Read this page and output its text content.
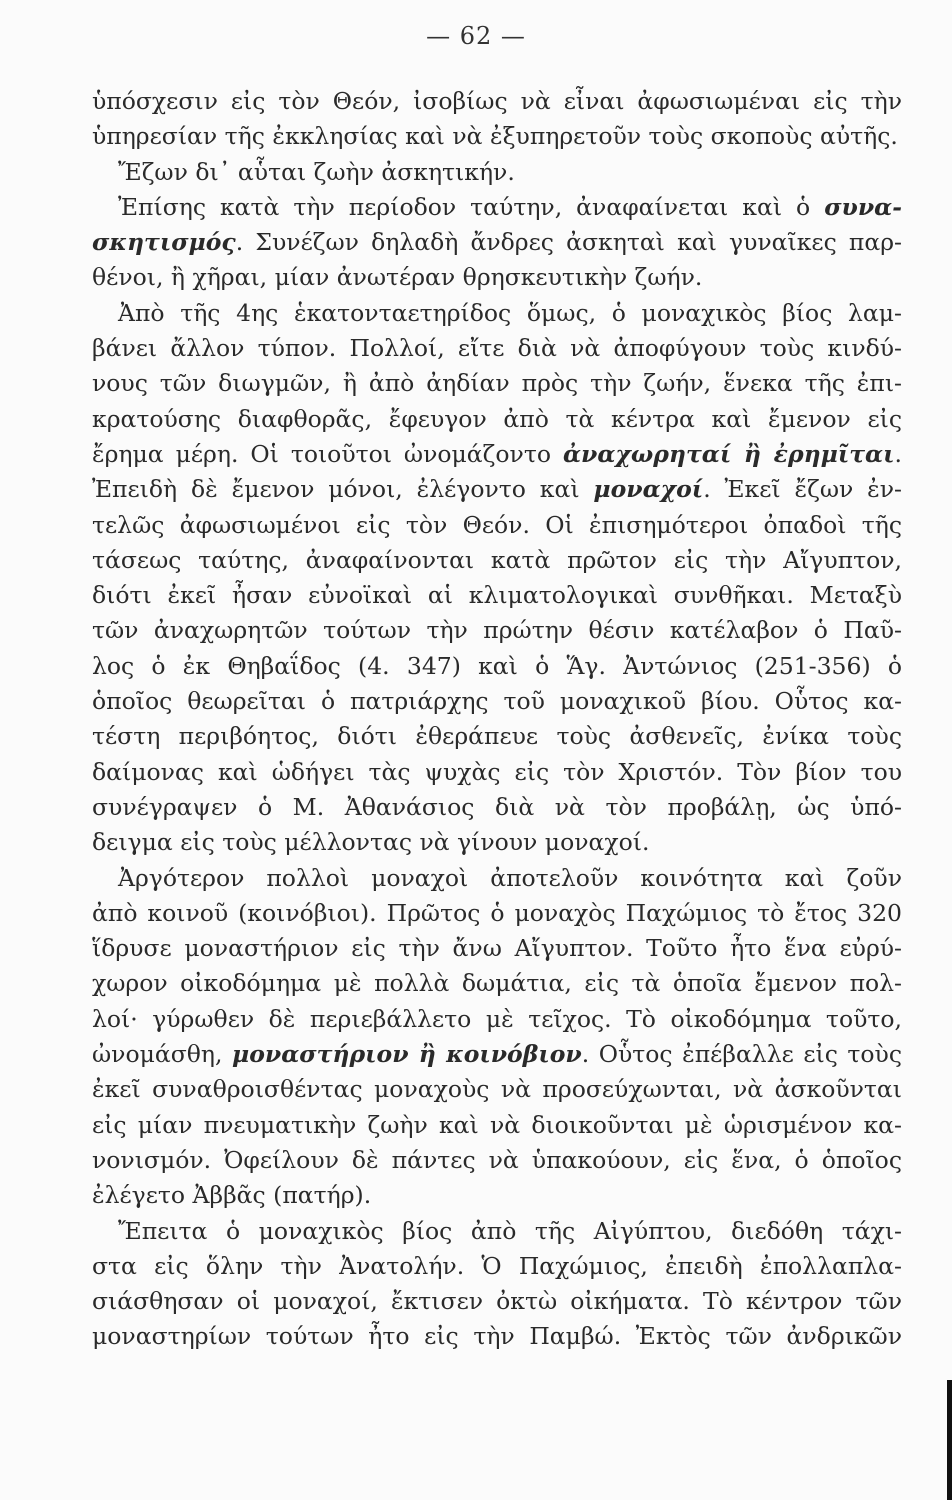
— 62 —
ὑπόσχεσιν εἰς τὸν Θεόν, ἰσοβίως νὰ εἶναι ἀφωσιωμέναι εἰς τὴν
ὑπηρεσίαν τῆς ἐκκλησίας καὶ νὰ ἐξυπηρετοῦν τοὺς σκοποὺς αὐτῆς.
Ἔζων δι᾿ αὗται ζωὴν ἀσκητικήν.
Ἐπίσης κατὰ τὴν περίοδον ταύτην, ἀναφαίνεται καὶ ὁ συνα-
σκητισμός. Συνέζων δηλαδὴ ἄνδρες ἀσκηταὶ καὶ γυναῖκες παρ-
θένοι, ἢ χῆραι, μίαν ἀνωτέραν θρησκευτικὴν ζωήν.
Ἀπὸ τῆς 4ης ἑκατονταετηρίδος ὅμως, ὁ μοναχικὸς βίος λαμ-
βάνει ἄλλον τύπον. Πολλοί, εἴτε διὰ νὰ ἀποφύγουν τοὺς κινδύ-
νους τῶν διωγμῶν, ἢ ἀπὸ ἀηδίαν πρὸς τὴν ζωήν, ἕνεκα τῆς ἐπι-
κρατούσης διαφθορᾶς, ἔφευγον ἀπὸ τὰ κέντρα καὶ ἔμενον εἰς
ἔρημα μέρη. Οἱ τοιοῦτοι ὠνομάζοντο ἀναχωρηταί ἢ ἐρημῖται.
Ἐπειδὴ δὲ ἔμενον μόνοι, ἐλέγοντο καὶ μοναχοί. Ἐκεῖ ἔζων ἐν-
τελῶς ἀφωσιωμένοι εἰς τὸν Θεόν. Οἱ ἐπισημότεροι ὀπαδοὶ τῆς
τάσεως ταύτης, ἀναφαίνονται κατὰ πρῶτον εἰς τὴν Αἴγυπτον,
διότι ἐκεῖ ἦσαν εὐνοϊκαὶ αἱ κλιματολογικαὶ συνθῆκαι. Μεταξὺ
τῶν ἀναχωρητῶν τούτων τὴν πρώτην θέσιν κατέλαβον ὁ Παῦ-
λος ὁ ἐκ Θηβαΐδος (4. 347) καὶ ὁ Ἅγ. Ἀντώνιος (251-356) ὁ
ὁποῖος θεωρεῖται ὁ πατριάρχης τοῦ μοναχικοῦ βίου. Οὗτος κα-
τέστη περιβόητος, διότι ἐθεράπευε τοὺς ἀσθενεῖς, ἐνίκα τοὺς
δαίμονας καὶ ὡδήγει τὰς ψυχὰς εἰς τὸν Χριστόν. Τὸν βίον του
συνέγραψεν ὁ Μ. Ἀθανάσιος διὰ νὰ τὸν προβάλῃ, ὡς ὑπό-
δειγμα εἰς τοὺς μέλλοντας νὰ γίνουν μοναχοί.
Ἀργότερον πολλοὶ μοναχοὶ ἀποτελοῦν κοινότητα καὶ ζοῦν
ἀπὸ κοινοῦ (κοινόβιοι). Πρῶτος ὁ μοναχὸς Παχώμιος τὸ ἔτος 320
ἵδρυσε μοναστήριον εἰς τὴν ἄνω Αἴγυπτον. Τοῦτο ἦτο ἕνα εὐρύ-
χωρον οἰκοδόμημα μὲ πολλὰ δωμάτια, εἰς τὰ ὁποῖα ἔμενον πολ-
λοί· γύρωθεν δὲ περιεβάλλετο μὲ τεῖχος. Τὸ οἰκοδόμημα τοῦτο,
ὠνομάσθη, μοναστήριον ἢ κοινόβιον. Οὗτος ἐπέβαλλε εἰς τοὺς
ἐκεῖ συναθροισθέντας μοναχοὺς νὰ προσεύχωνται, νὰ ἀσκοῦνται
εἰς μίαν πνευματικὴν ζωὴν καὶ νὰ διοικοῦνται μὲ ὡρισμένον κα-
νονισμόν. Ὀφείλουν δὲ πάντες νὰ ὑπακούουν, εἰς ἕνα, ὁ ὁποῖος
ἐλέγετο Ἀββᾶς (πατήρ).
Ἔπειτα ὁ μοναχικὸς βίος ἀπὸ τῆς Αἰγύπτου, διεδόθη τάχι-
στα εἰς ὅλην τὴν Ἀνατολήν. Ὁ Παχώμιος, ἐπειδὴ ἐπολλαπλα-
σιάσθησαν οἱ μοναχοί, ἔκτισεν ὀκτὼ οἰκήματα. Τὸ κέντρον τῶν
μοναστηρίων τούτων ἦτο εἰς τὴν Παμβώ. Ἐκτὸς τῶν ἀνδρικῶν
